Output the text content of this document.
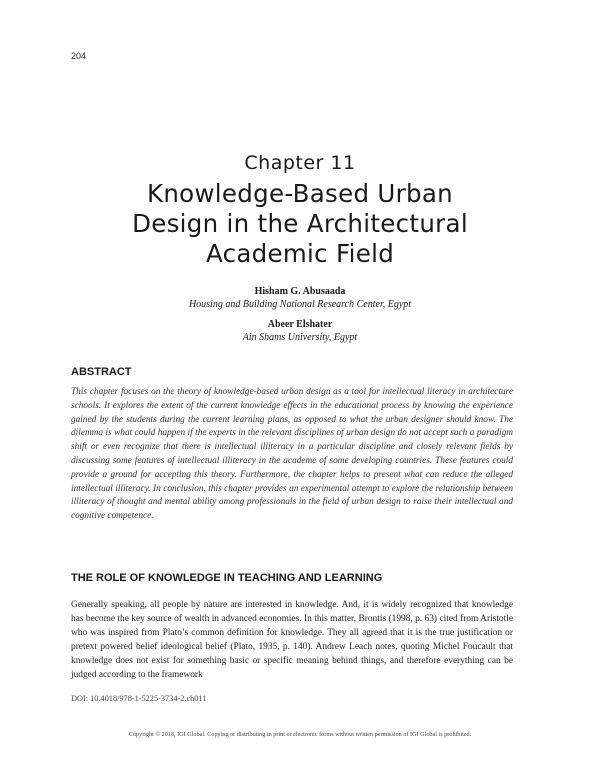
204
Chapter 11
Knowledge-Based Urban
Design in the Architectural
Academic Field
Hisham G. Abusaada
Housing and Building National Research Center, Egypt
Abeer Elshater
Ain Shams University, Egypt
ABSTRACT

This chapter focuses on the theory of knowledge-based urban design as a tool for intellectual literacy in architecture schools. It explores the extent of the current knowledge effects in the educational process by knowing the experience gained by the students during the current learning plans, as opposed to what the urban designer should know. The dilemma is what could happen if the experts in the relevant disciplines of urban design do not accept such a paradigm shift or even recognize that there is intellectual illiteracy in a particular discipline and closely relevant fields by discussing some features of intellectual illiteracy in the academe of some developing countries. These features could provide a ground for accepting this theory. Furthermore, the chapter helps to present what can reduce the alleged intellectual illiteracy. In conclusion, this chapter provides an experimental attempt to explore the relationship between illiteracy of thought and mental ability among professionals in the field of urban design to raise their intellectual and cognitive competence.

THE ROLE OF KNOWLEDGE IN TEACHING AND LEARNING

Generally speaking, all people by nature are interested in knowledge. And, it is widely recognized that knowledge has become the key source of wealth in advanced economies. In this matter, Brontis (1998, p. 63) cited from Aristotle who was inspired from Plato’s common definition for knowledge. They all agreed that it is the true justification or pretext powered belief ideological belief (Plato, 1935, p. 140). Andrew Leach notes, quoting Michel Foucault that knowledge does not exist for something basic or specific meaning behind things, and therefore everything can be judged according to the framework

DOI: 10.4018/978-1-5225-3734-2.ch011
Copyright © 2018, IGI Global. Copying or distributing in print or electronic forms without written permission of IGI Global is prohibited.
